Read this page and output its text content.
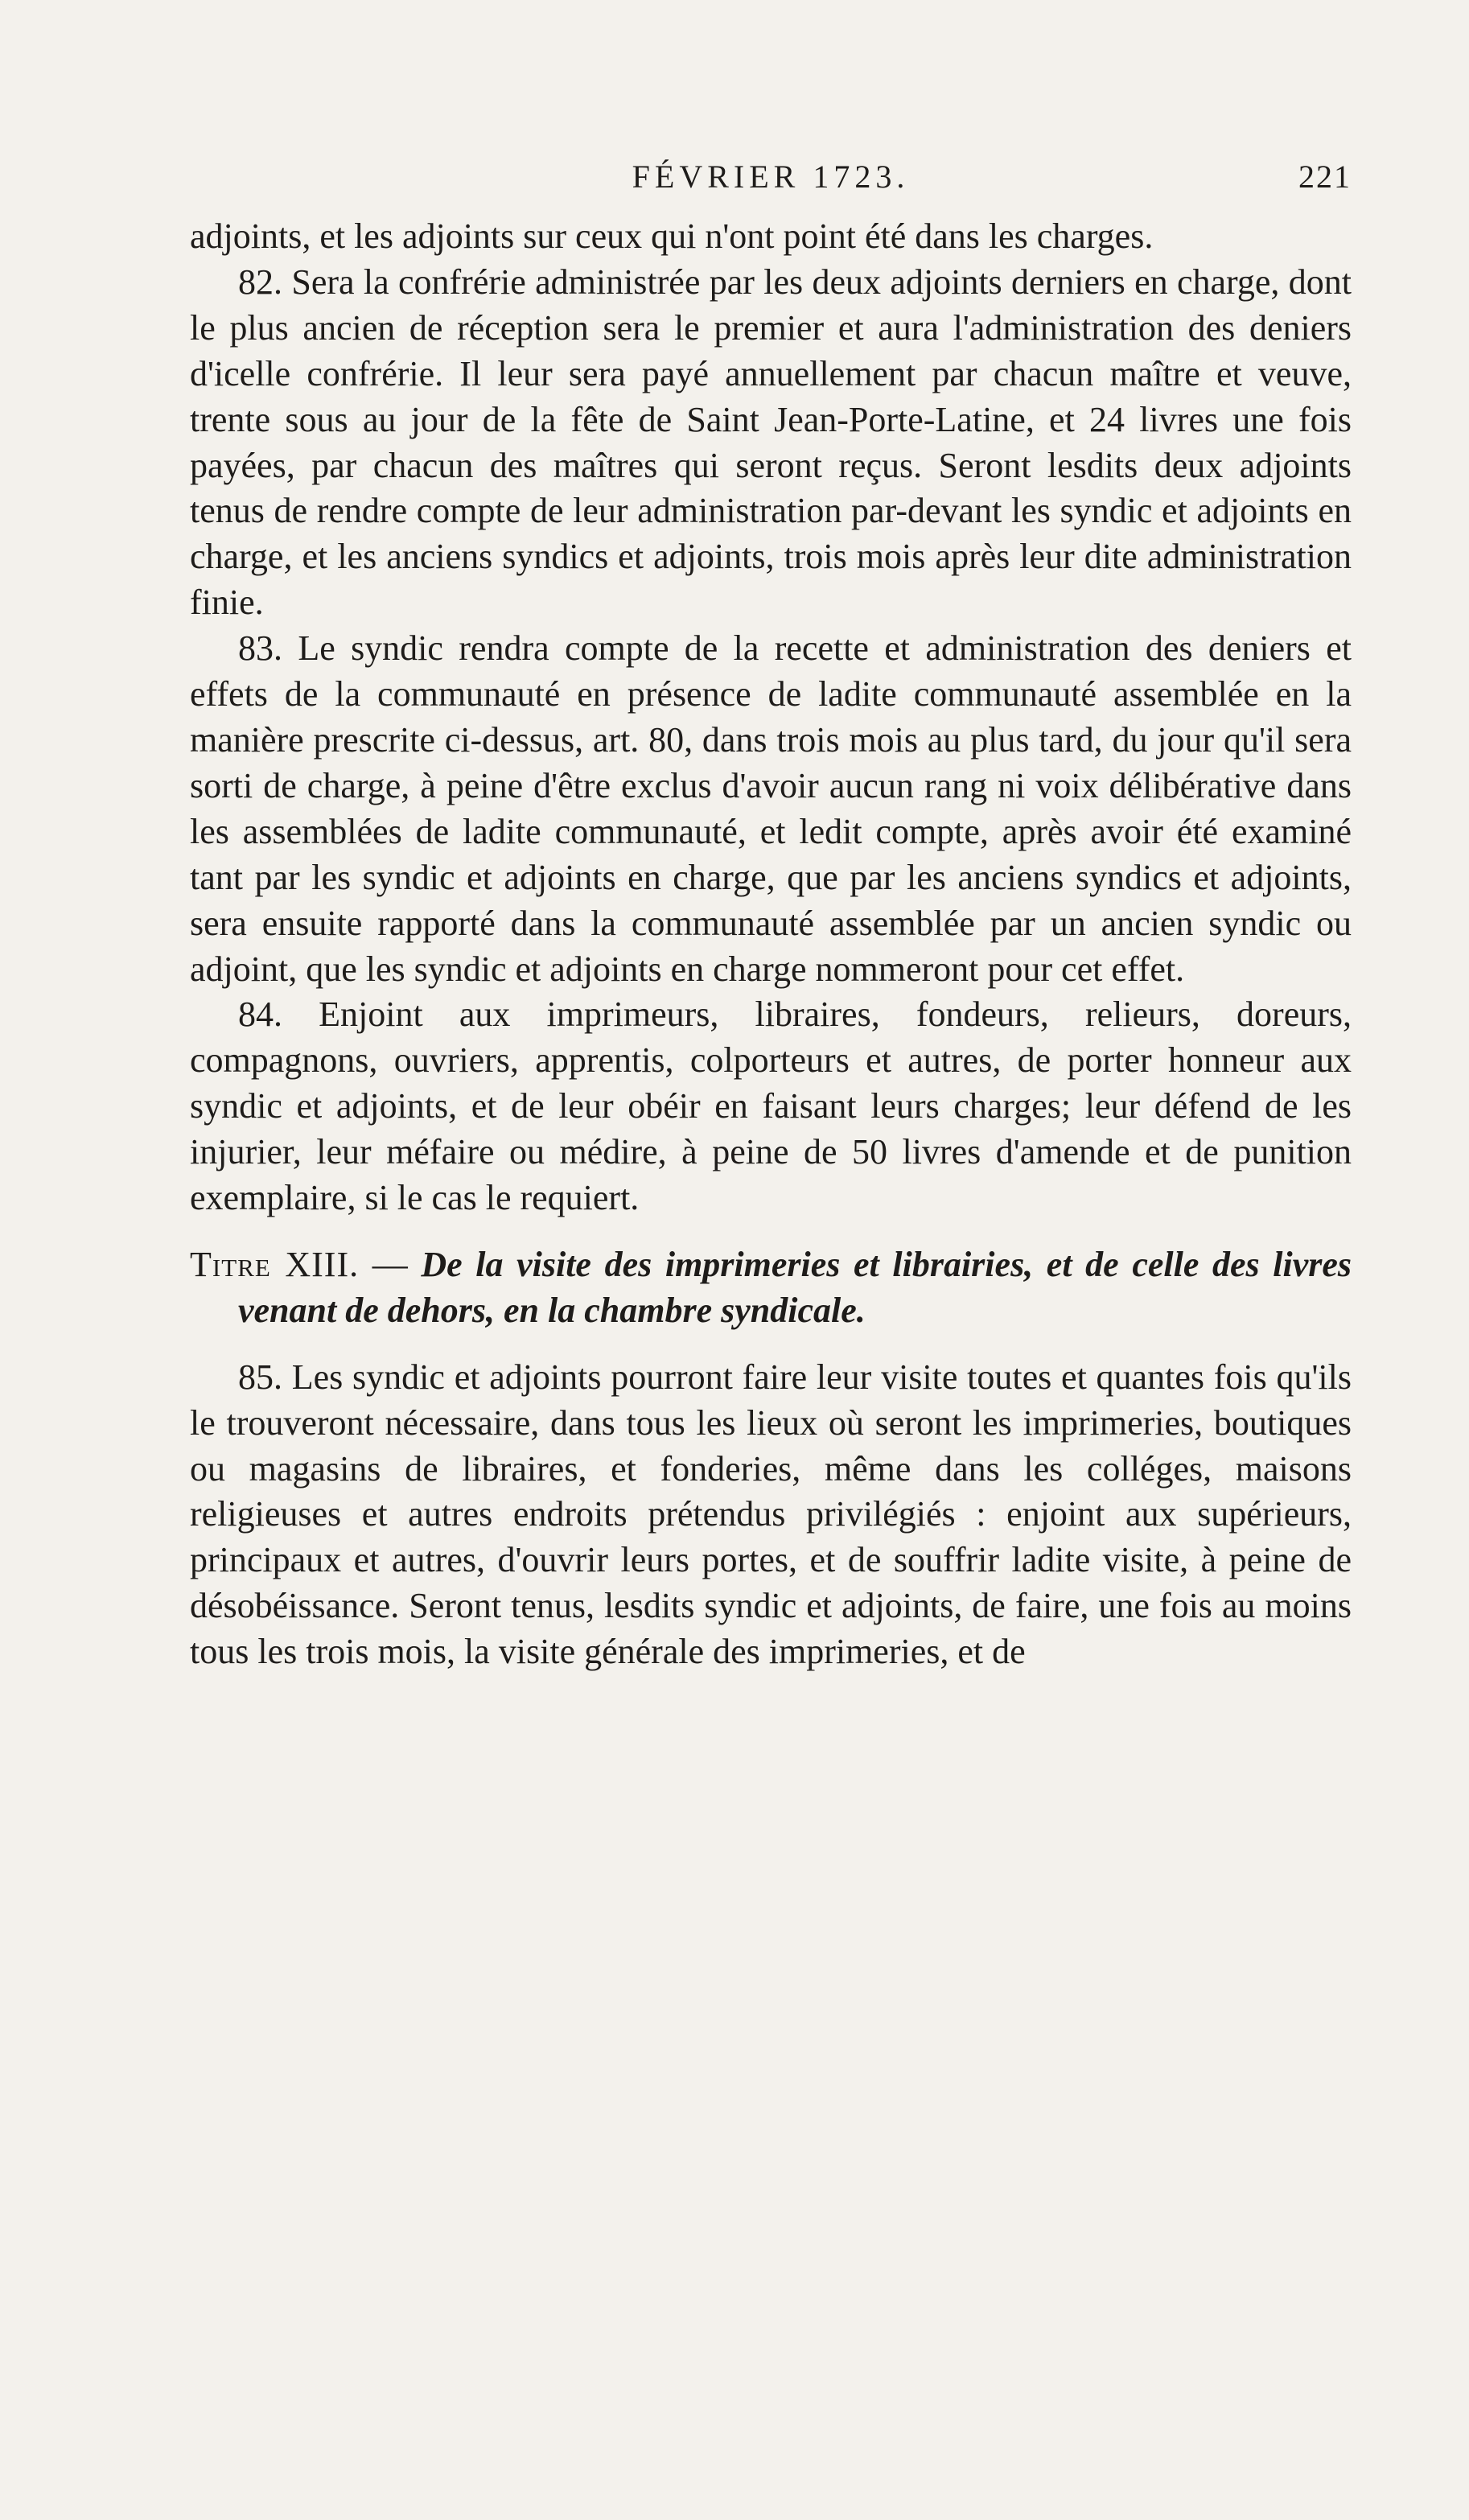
FÉVRIER 1723.	221

adjoints, et les adjoints sur ceux qui n'ont point été dans les charges.

82. Sera la confrérie administrée par les deux adjoints derniers en charge, dont le plus ancien de réception sera le premier et aura l'administration des deniers d'icelle confrérie. Il leur sera payé annuellement par chacun maître et veuve, trente sous au jour de la fête de Saint Jean-Porte-Latine, et 24 livres une fois payées, par chacun des maîtres qui seront reçus. Seront lesdits deux adjoints tenus de rendre compte de leur administration par-devant les syndic et adjoints en charge, et les anciens syndics et adjoints, trois mois après leur dite administration finie.

83. Le syndic rendra compte de la recette et administration des deniers et effets de la communauté en présence de ladite communauté assemblée en la manière prescrite ci-dessus, art. 80, dans trois mois au plus tard, du jour qu'il sera sorti de charge, à peine d'être exclus d'avoir aucun rang ni voix délibérative dans les assemblées de ladite communauté, et ledit compte, après avoir été examiné tant par les syndic et adjoints en charge, que par les anciens syndics et adjoints, sera ensuite rapporté dans la communauté assemblée par un ancien syndic ou adjoint, que les syndic et adjoints en charge nommeront pour cet effet.

84. Enjoint aux imprimeurs, libraires, fondeurs, relieurs, doreurs, compagnons, ouvriers, apprentis, colporteurs et autres, de porter honneur aux syndic et adjoints, et de leur obéir en faisant leurs charges; leur défend de les injurier, leur méfaire ou médire, à peine de 50 livres d'amende et de punition exemplaire, si le cas le requiert.

Titre XIII. — De la visite des imprimeries et librairies, et de celle des livres venant de dehors, en la chambre syndicale.

85. Les syndic et adjoints pourront faire leur visite toutes et quantes fois qu'ils le trouveront nécessaire, dans tous les lieux où seront les imprimeries, boutiques ou magasins de libraires, et fonderies, même dans les colléges, maisons religieuses et autres endroits prétendus privilégiés : enjoint aux supérieurs, principaux et autres, d'ouvrir leurs portes, et de souffrir ladite visite, à peine de désobéissance. Seront tenus, lesdits syndic et adjoints, de faire, une fois au moins tous les trois mois, la visite générale des imprimeries, et de
